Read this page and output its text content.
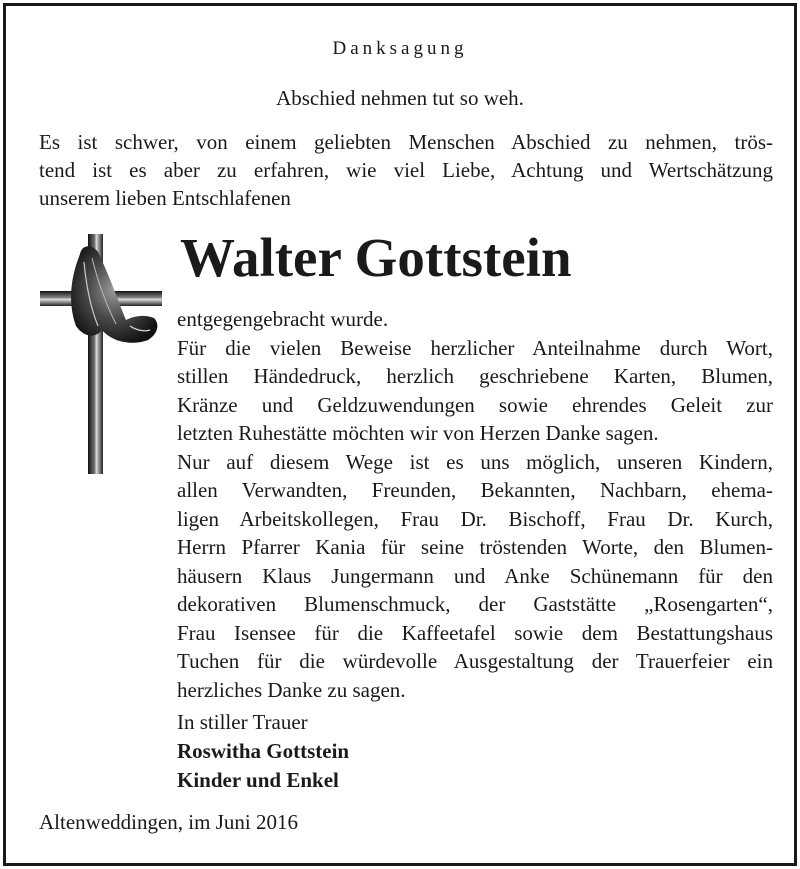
Danksagung
Abschied nehmen tut so weh.
Es ist schwer, von einem geliebten Menschen Abschied zu nehmen, trös-
tend ist es aber zu erfahren, wie viel Liebe, Achtung und Wertschätzung
unserem lieben Entschlafenen
Walter Gottstein
entgegengebracht wurde.
Für die vielen Beweise herzlicher Anteilnahme durch Wort,
stillen Händedruck, herzlich geschriebene Karten, Blumen,
Kränze und Geldzuwendungen sowie ehrendes Geleit zur
letzten Ruhestätte möchten wir von Herzen Danke sagen.
Nur auf diesem Wege ist es uns möglich, unseren Kindern,
allen Verwandten, Freunden, Bekannten, Nachbarn, ehema-
ligen Arbeitskollegen, Frau Dr. Bischoff, Frau Dr. Kurch,
Herrn Pfarrer Kania für seine tröstenden Worte, den Blumen-
häusern Klaus Jungermann und Anke Schünemann für den
dekorativen Blumenschmuck, der Gaststätte „Rosengarten“,
Frau Isensee für die Kaffeetafel sowie dem Bestattungshaus
Tuchen für die würdevolle Ausgestaltung der Trauerfeier ein
herzliches Danke zu sagen.
In stiller Trauer
Roswitha Gottstein
Kinder und Enkel
Altenweddingen, im Juni 2016
